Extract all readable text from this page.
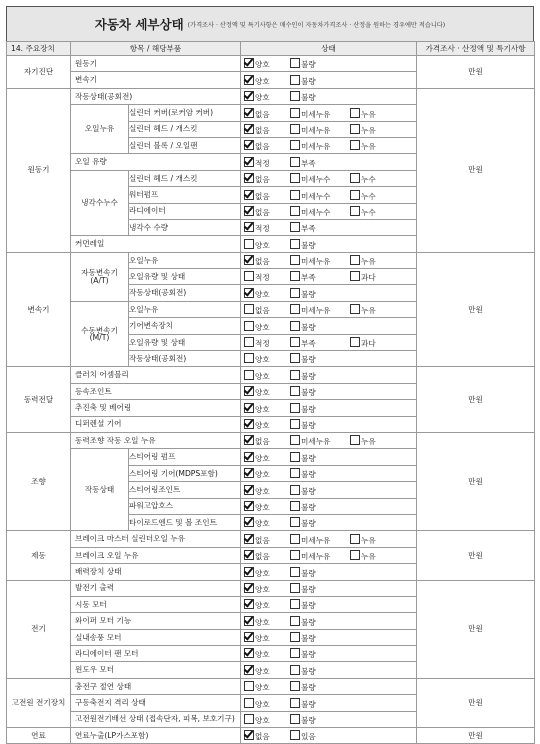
자동차 세부상태 (가격조사 · 산정액 및 특기사항은 매수인이 자동차가격조사 · 산정을 원하는 경우에만 적습니다)
14. 주요장치	항목 / 해당부품		상태	가격조사 · 산정액 및 특기사항
자기진단	원동기		양호 불량	만원
	변속기		양호 불량	
원동기	작동상태(공회전)		양호 불량	만원
	오일누유	실린더 커버(로커암 커버)	없음 미세누유 누유	
		실린더 헤드 / 개스킷	없음 미세누유 누유	
		실린더 블록 / 오일팬	없음 미세누유 누유	
	오일 유량		적정 부족	
	냉각수누수	실린더 헤드 / 개스킷	없음 미세누수 누수	
		워터펌프	없음 미세누수 누수	
		라디에이터	없음 미세누수 누수	
		냉각수 수량	적정 부족	
	커먼레일		양호 불량	
변속기	자동변속기 (A/T)	오일누유	없음 미세누유 누유	만원
		오일유량 및 상태	적정 부족 과다	
		작동상태(공회전)	양호 불량	
	수동변속기 (M/T)	오일누유	없음 미세누유 누유	
		기어변속장치	양호 불량	
		오일유량 및 상태	적정 부족 과다	
		작동상태(공회전)	양호 불량	
동력전달	클러치 어셈블리		양호 불량	만원
	등속조인트		양호 불량	
	추진축 및 베어링		양호 불량	
	디퍼렌셜 기어		양호 불량	
조향	동력조향 작동 오일 누유		없음 미세누유 누유	만원
	작동상태	스티어링 펌프	양호 불량	
		스티어링 기어(MDPS포함)	양호 불량	
		스티어링조인트	양호 불량	
		파워고압호스	양호 불량	
		타이로드엔드 및 볼 조인트	양호 불량	
제동	브레이크 마스터 실린더오일 누유		없음 미세누유 누유	만원
	브레이크 오일 누유		없음 미세누유 누유	
	배력장치 상태		양호 불량	
전기	발전기 출력		양호 불량	만원
	시동 모터		양호 불량	
	와이퍼 모터 기능		양호 불량	
	실내송풍 모터		양호 불량	
	라디에이터 팬 모터		양호 불량	
	윈도우 모터		양호 불량	
고전원 전기장치	충전구 절연 상태		양호 불량	만원
	구동축전지 격리 상태		양호 불량	
	고전원전기배선 상태 (접속단자, 피복, 보호기구)		양호 불량	
연료	연료누출(LP가스포함)		없음 있음	만원
